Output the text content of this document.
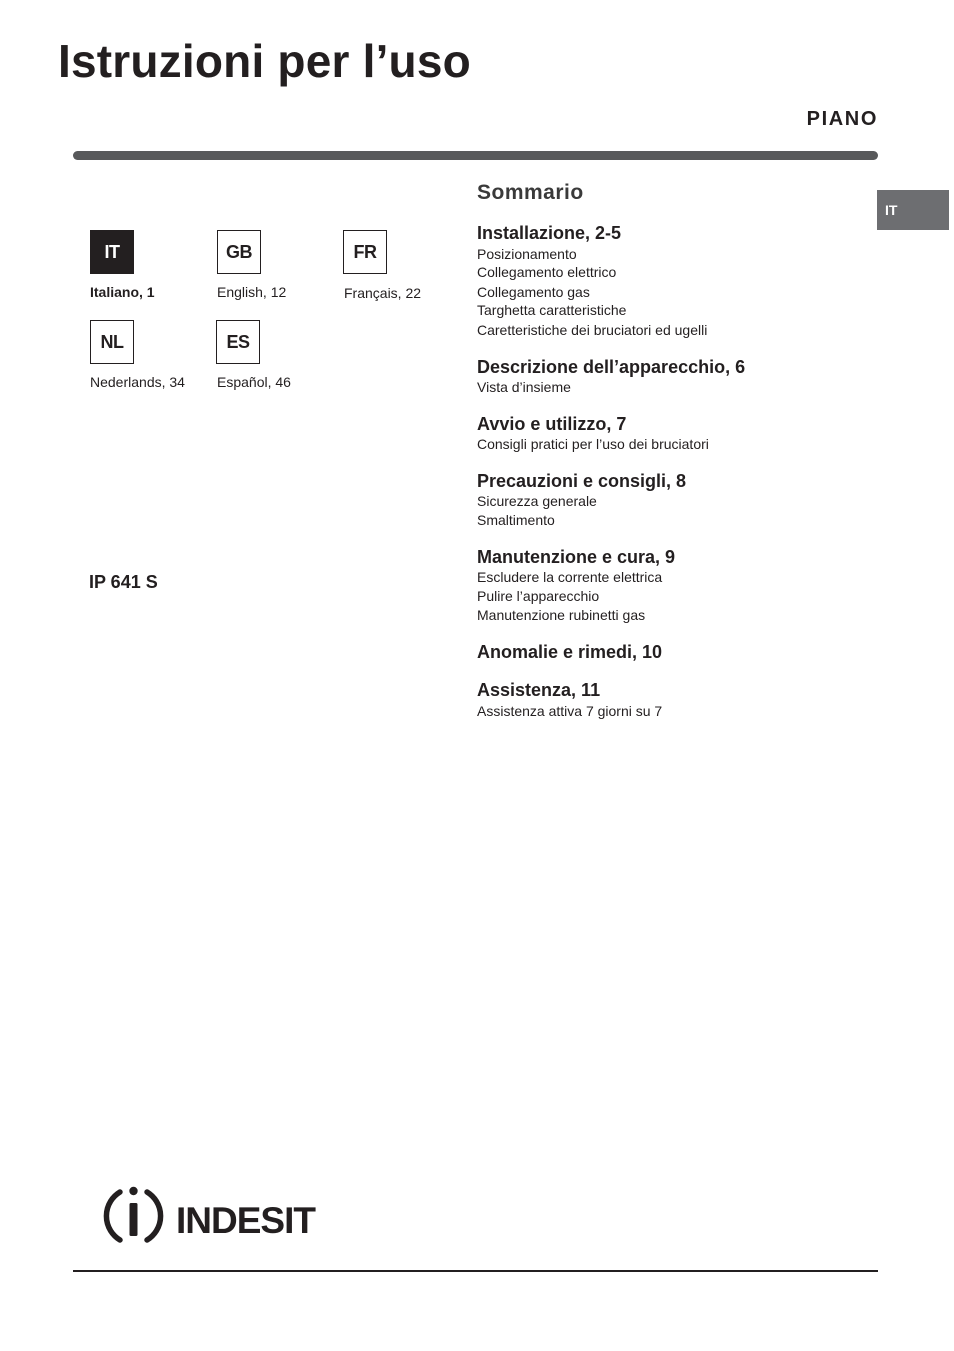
Istruzioni per l’uso
PIANO
IT
IT
Italiano, 1
GB
English, 12
FR
Français, 22
NL
Nederlands, 34
ES
Español, 46
IP 641 S
Sommario
Installazione, 2-5
Posizionamento
Collegamento elettrico
Collegamento gas
Targhetta caratteristiche
Caretteristiche dei bruciatori ed ugelli
Descrizione dell’apparecchio, 6
Vista d’insieme
Avvio e utilizzo, 7
Consigli pratici per l’uso dei bruciatori
Precauzioni e consigli, 8
Sicurezza generale
Smaltimento
Manutenzione e cura, 9
Escludere la corrente elettrica
Pulire l’apparecchio
Manutenzione rubinetti gas
Anomalie e rimedi, 10
Assistenza, 11
Assistenza attiva 7 giorni su 7
INDESIT
